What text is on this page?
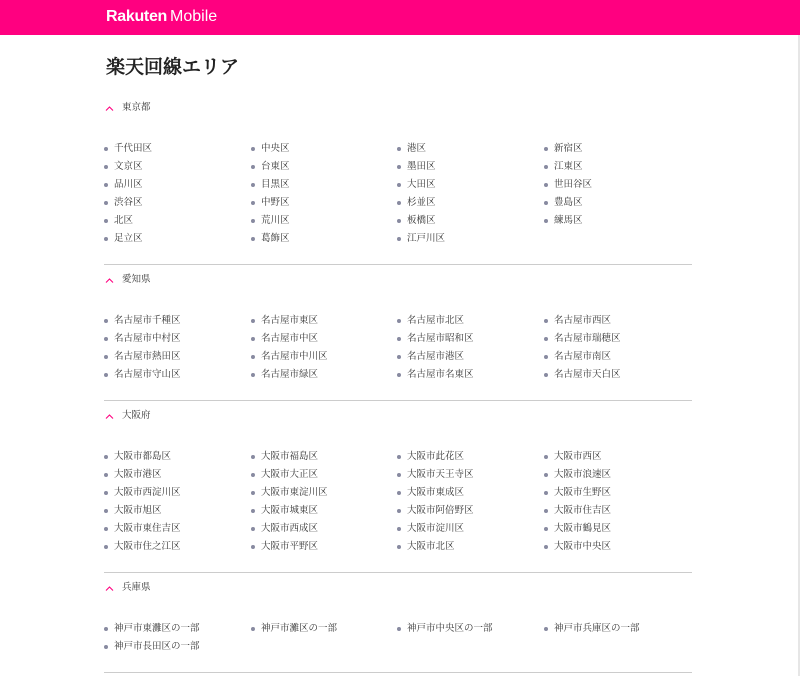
Rakuten Mobile
楽天回線エリア
東京都
千代田区	中央区	港区	新宿区
文京区	台東区	墨田区	江東区
品川区	目黒区	大田区	世田谷区
渋谷区	中野区	杉並区	豊島区
北区	荒川区	板橋区	練馬区
足立区	葛飾区	江戸川区
愛知県
名古屋市千種区	名古屋市東区	名古屋市北区	名古屋市西区
名古屋市中村区	名古屋市中区	名古屋市昭和区	名古屋市瑞穂区
名古屋市熱田区	名古屋市中川区	名古屋市港区	名古屋市南区
名古屋市守山区	名古屋市緑区	名古屋市名東区	名古屋市天白区
大阪府
大阪市都島区	大阪市福島区	大阪市此花区	大阪市西区
大阪市港区	大阪市大正区	大阪市天王寺区	大阪市浪速区
大阪市西淀川区	大阪市東淀川区	大阪市東成区	大阪市生野区
大阪市旭区	大阪市城東区	大阪市阿倍野区	大阪市住吉区
大阪市東住吉区	大阪市西成区	大阪市淀川区	大阪市鶴見区
大阪市住之江区	大阪市平野区	大阪市北区	大阪市中央区
兵庫県
神戸市東灘区の一部	神戸市灘区の一部	神戸市中央区の一部	神戸市兵庫区の一部
神戸市長田区の一部
